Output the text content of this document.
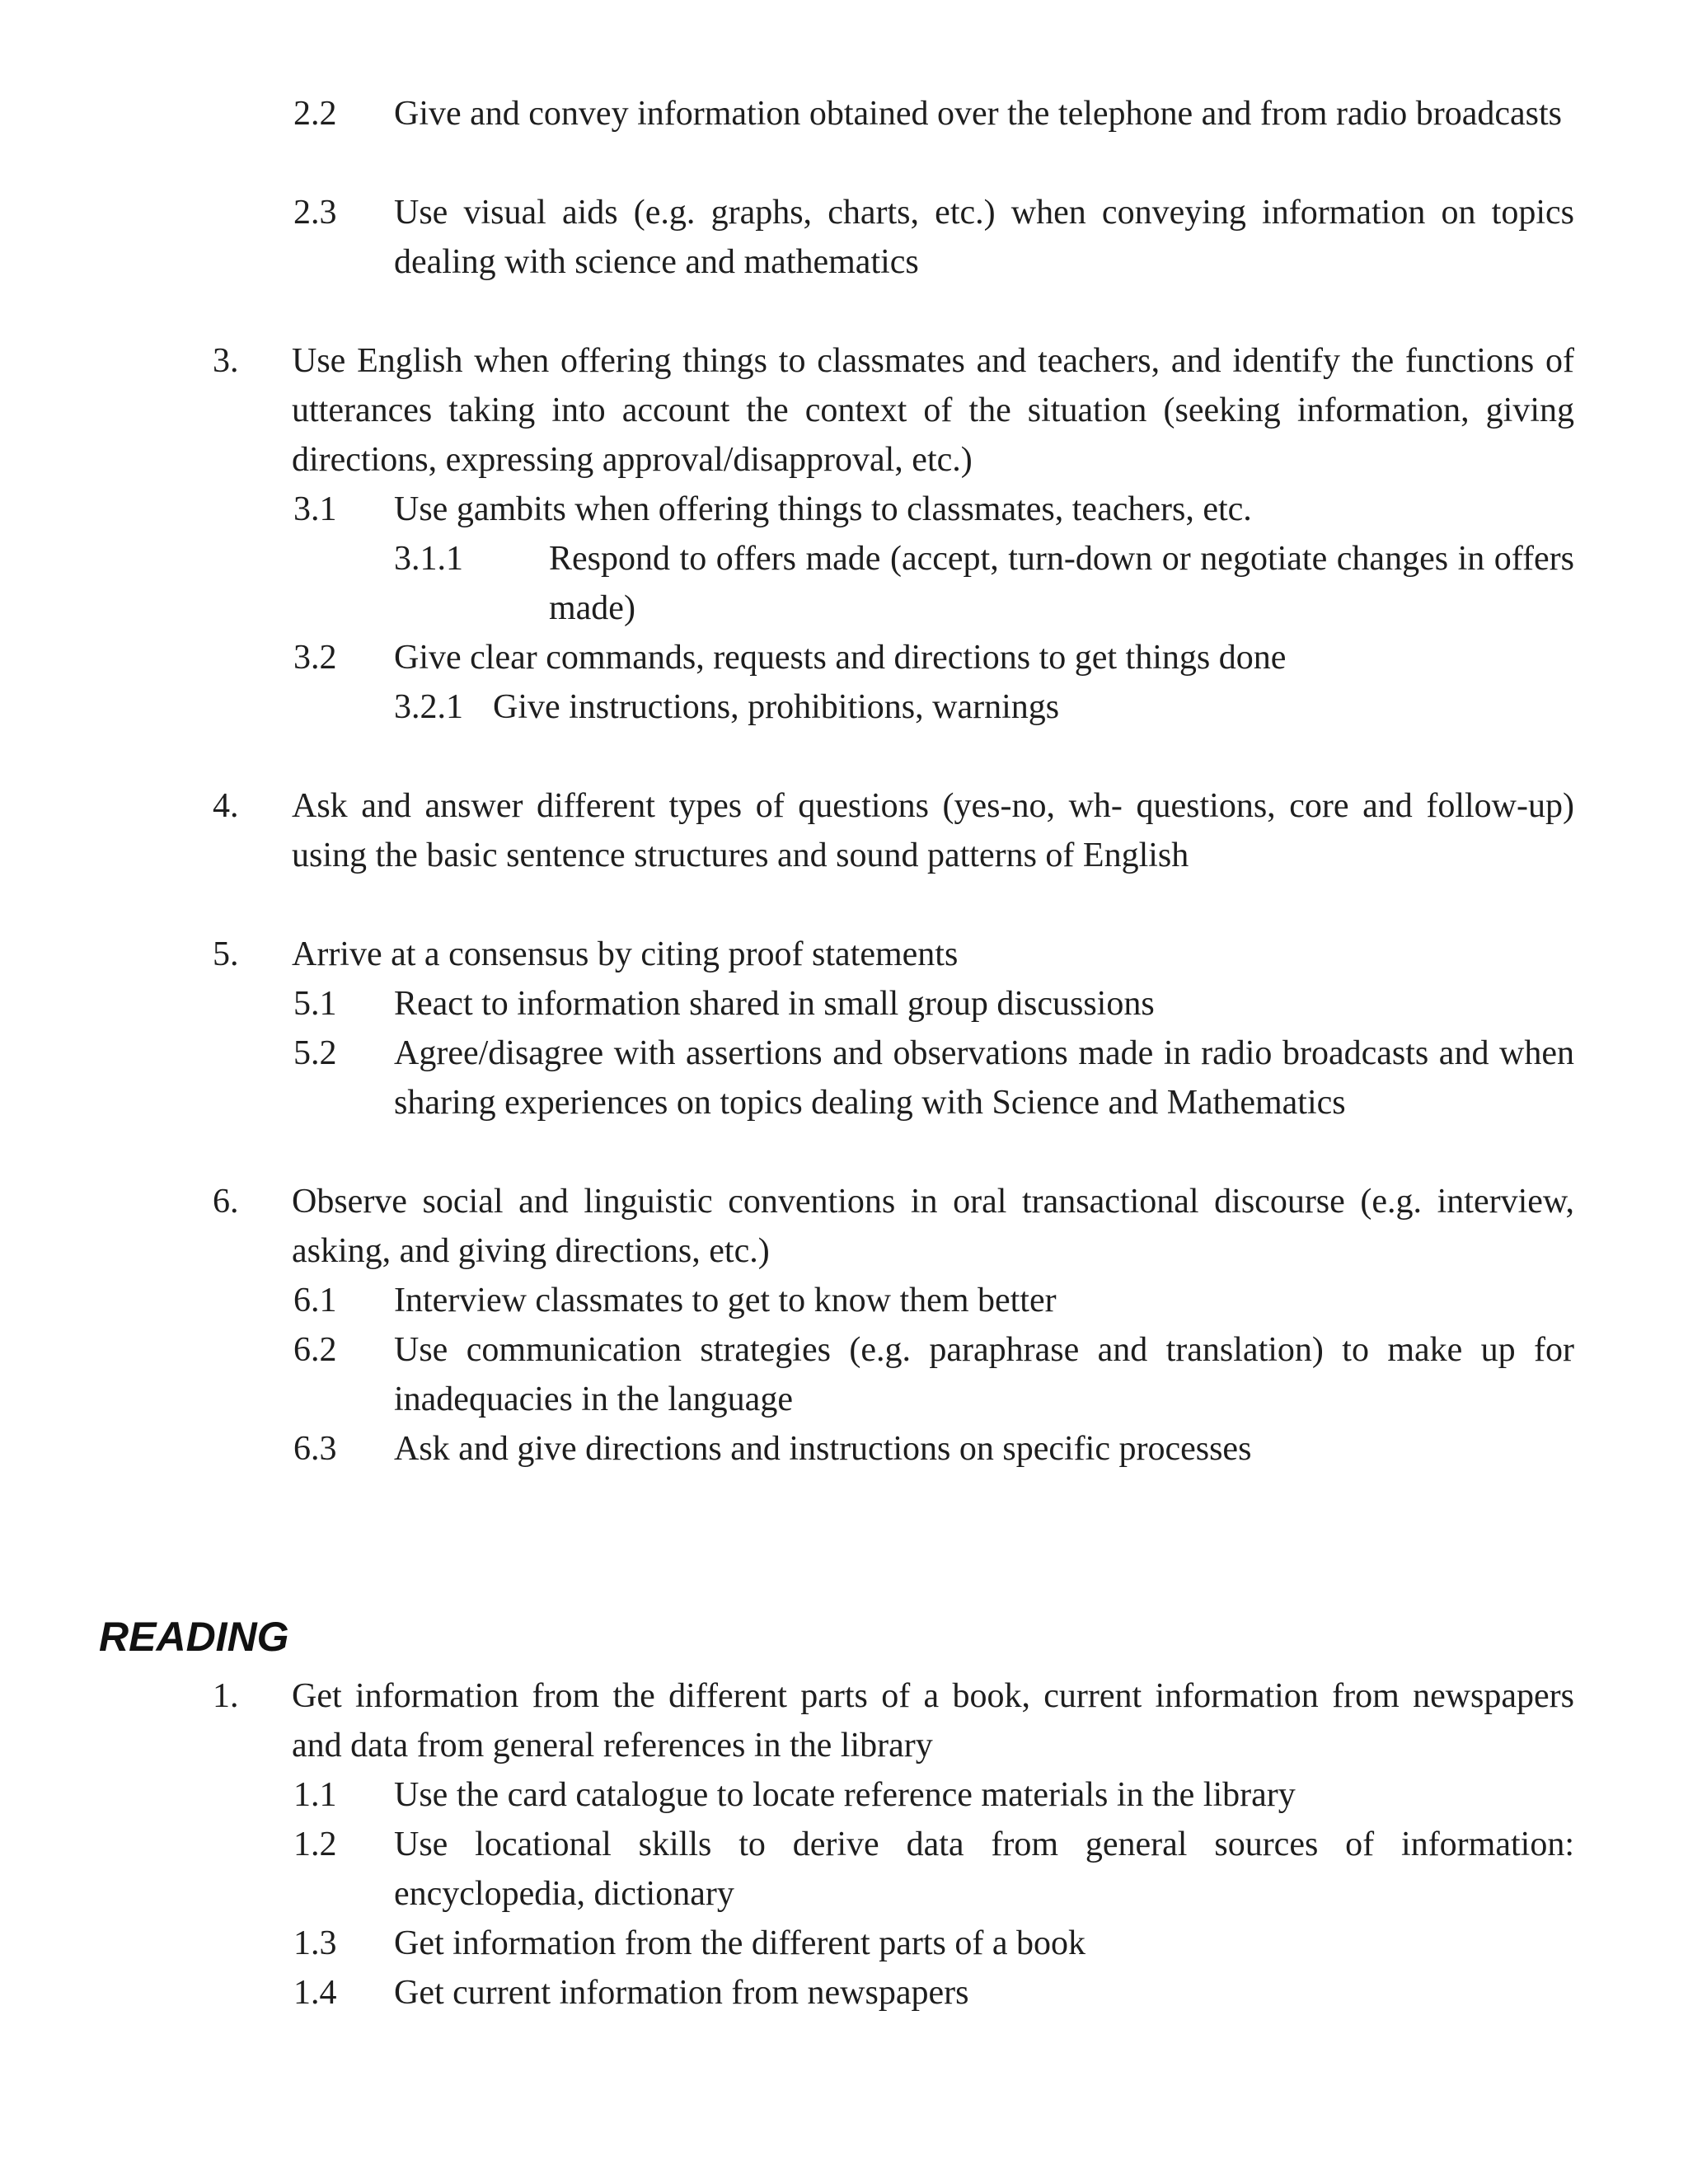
2.2 Give and convey information obtained over the telephone and from radio broadcasts
2.3 Use visual aids (e.g. graphs, charts, etc.) when conveying information on topics dealing with science and mathematics
3. Use English when offering things to classmates and teachers, and identify the functions of utterances taking into account the context of the situation (seeking information, giving directions, expressing approval/disapproval, etc.)
3.1 Use gambits when offering things to classmates, teachers, etc.
3.1.1 Respond to offers made (accept, turn-down or negotiate changes in offers made)
3.2 Give clear commands, requests and directions to get things done
3.2.1 Give instructions, prohibitions, warnings
4. Ask and answer different types of questions (yes-no, wh- questions, core and follow-up) using the basic sentence structures and sound patterns of English
5. Arrive at a consensus by citing proof statements
5.1 React to information shared in small group discussions
5.2 Agree/disagree with assertions and observations made in radio broadcasts and when sharing experiences on topics dealing with Science and Mathematics
6. Observe social and linguistic conventions in oral transactional discourse (e.g. interview, asking, and giving directions, etc.)
6.1 Interview classmates to get to know them better
6.2 Use communication strategies (e.g. paraphrase and translation) to make up for inadequacies in the language
6.3 Ask and give directions and instructions on specific processes
READING
1. Get information from the different parts of a book, current information from newspapers and data from general references in the library
1.1 Use the card catalogue to locate reference materials in the library
1.2 Use locational skills to derive data from general sources of information: encyclopedia, dictionary
1.3 Get information from the different parts of a book
1.4 Get current information from newspapers
